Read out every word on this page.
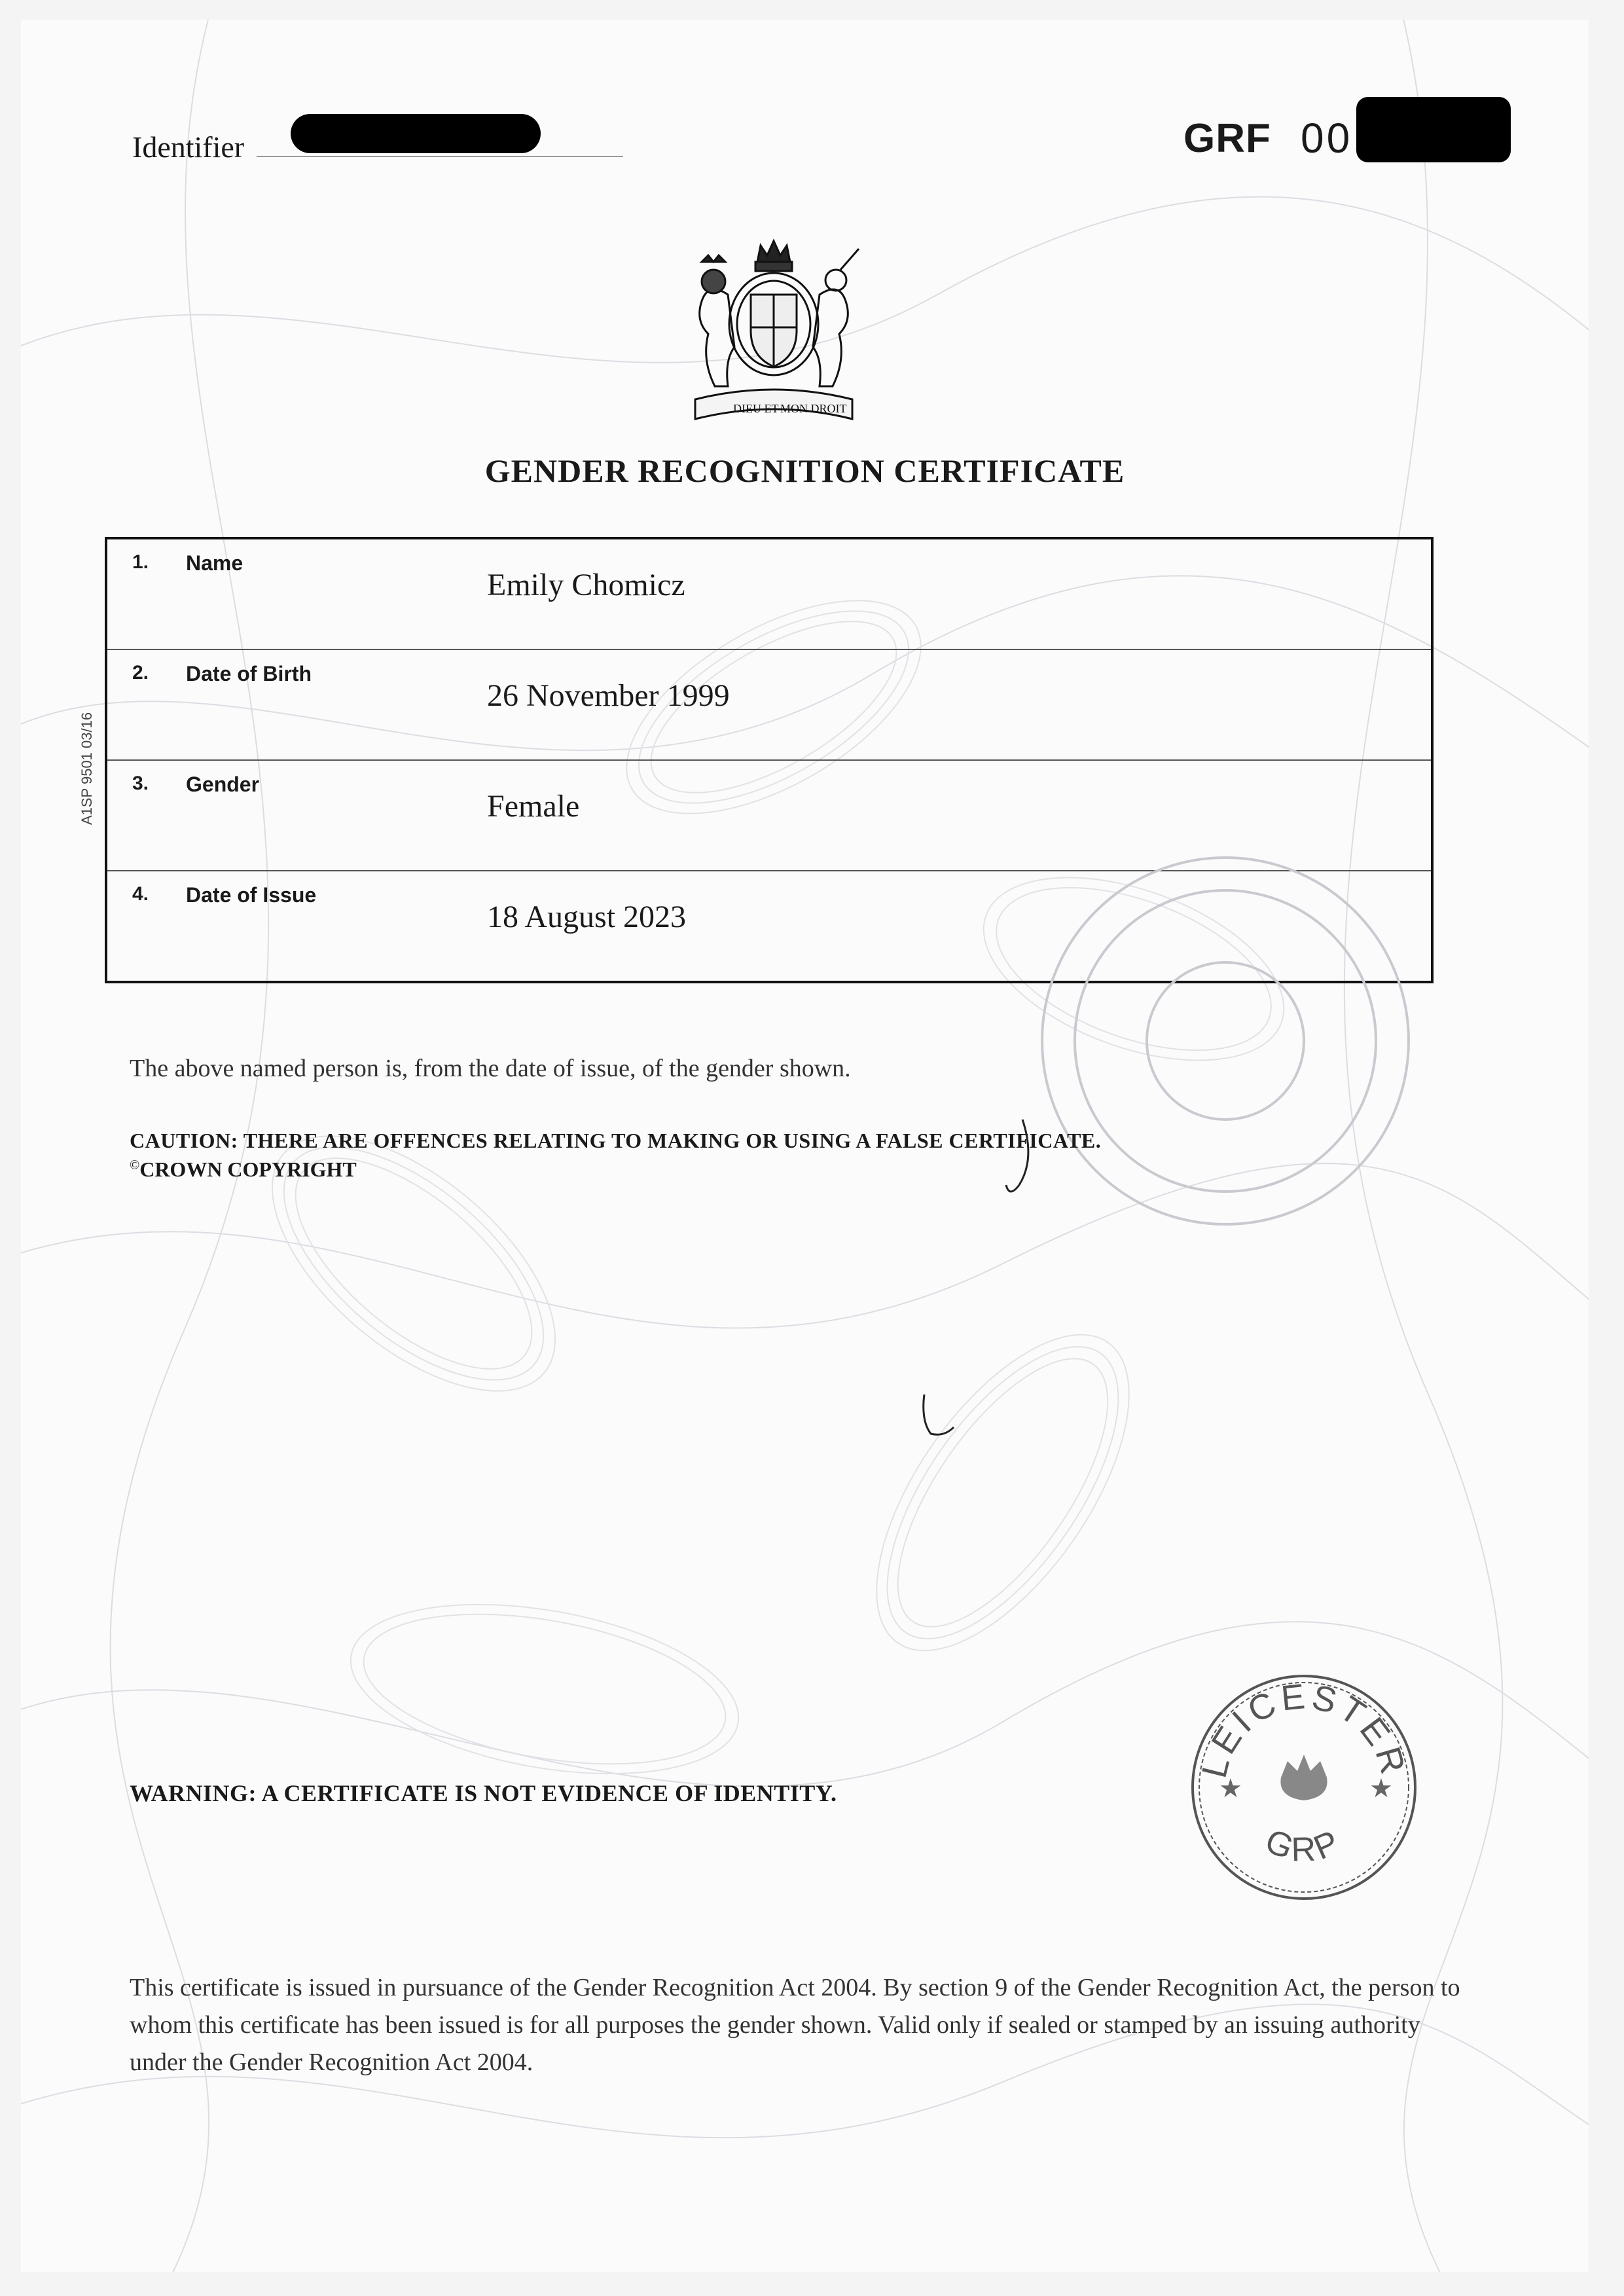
Identifier	GRF 00
DIEU ET MON DROIT
GENDER RECOGNITION CERTIFICATE
A1SP 9501 03/16
1. Name
Emily Chomicz
2. Date of Birth
26 November 1999
3. Gender
Female
4. Date of Issue
18 August 2023
The above named person is, from the date of issue, of the gender shown.
CAUTION: THERE ARE OFFENCES RELATING TO MAKING OR USING A FALSE CERTIFICATE.
©CROWN COPYRIGHT
WARNING: A CERTIFICATE IS NOT EVIDENCE OF IDENTITY.
LEICESTER
GRP
★	★
This certificate is issued in pursuance of the Gender Recognition Act 2004. By section 9 of the Gender Recognition Act, the person to whom this certificate has been issued is for all purposes the gender shown. Valid only if sealed or stamped by an issuing authority under the Gender Recognition Act 2004.
